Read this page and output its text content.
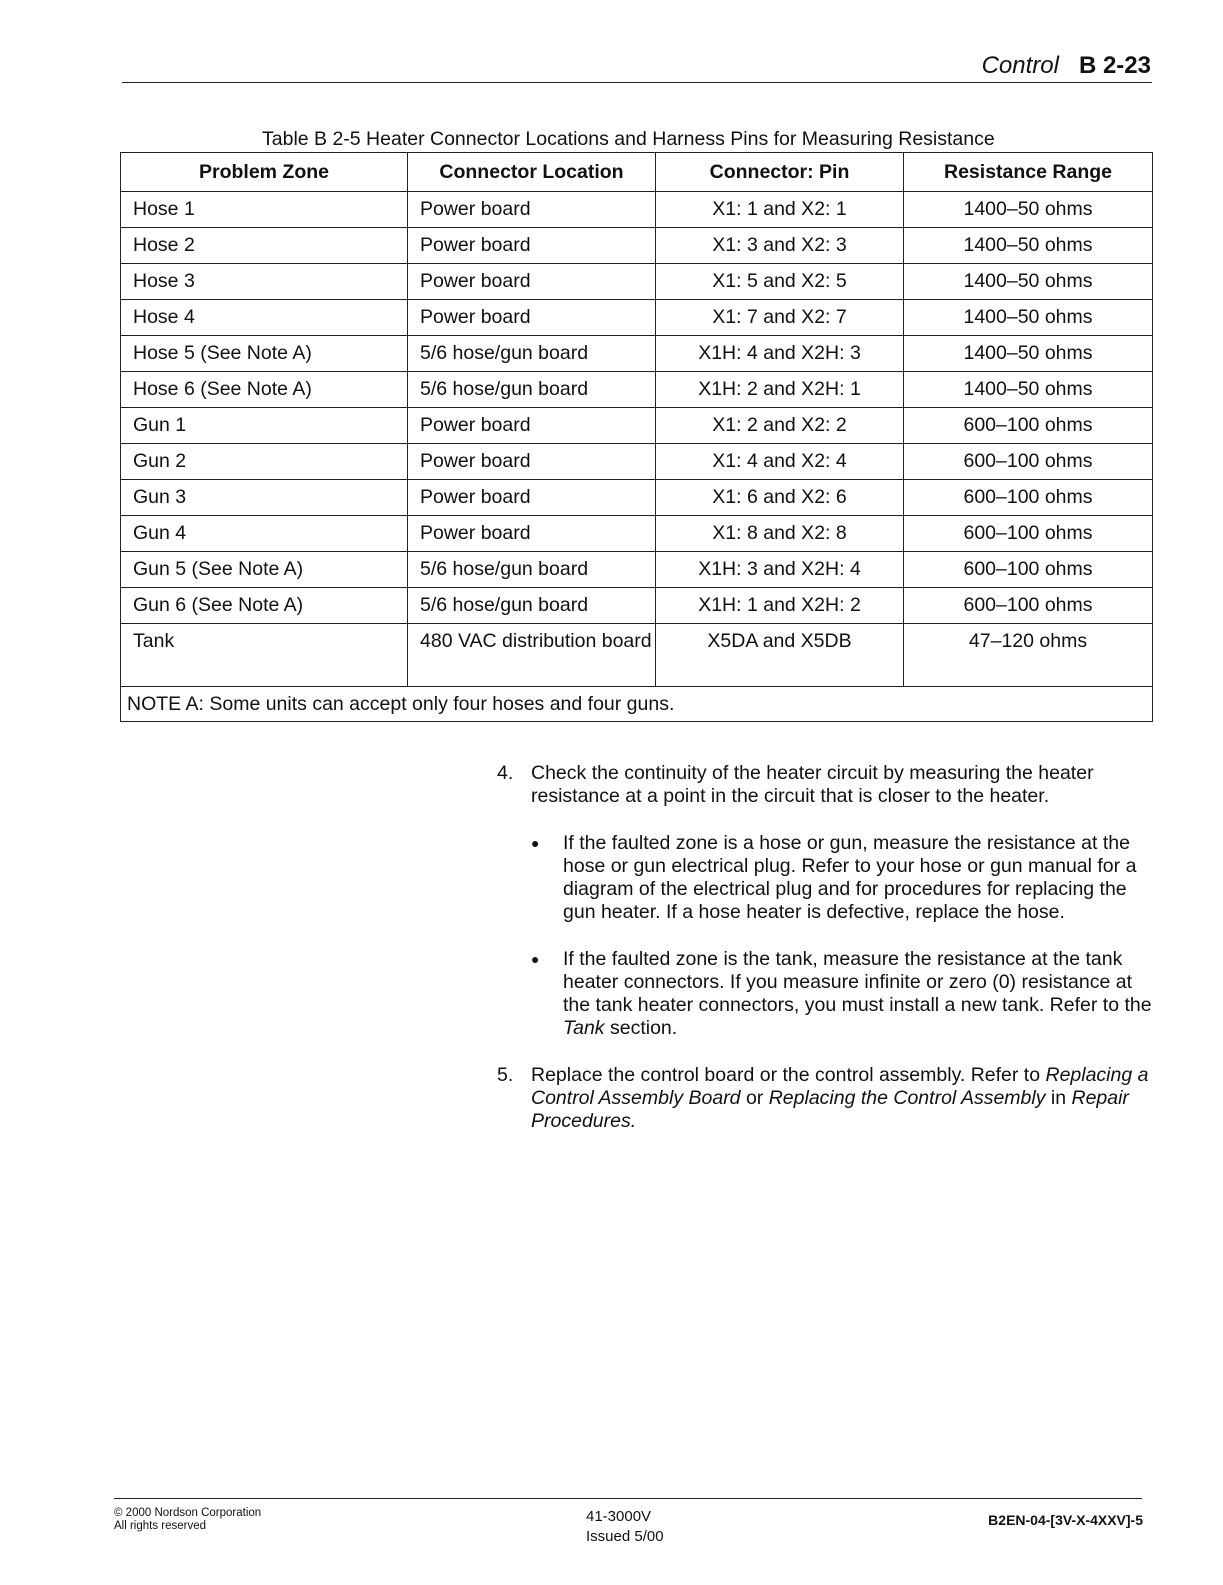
Control B 2-23
Table B 2-5 Heater Connector Locations and Harness Pins for Measuring Resistance
Problem Zone	Connector Location	Connector: Pin	Resistance Range
Hose 1	Power board	X1: 1 and X2: 1	1400–50 ohms
Hose 2	Power board	X1: 3 and X2: 3	1400–50 ohms
Hose 3	Power board	X1: 5 and X2: 5	1400–50 ohms
Hose 4	Power board	X1: 7 and X2: 7	1400–50 ohms
Hose 5 (See Note A)	5/6 hose/gun board	X1H: 4 and X2H: 3	1400–50 ohms
Hose 6 (See Note A)	5/6 hose/gun board	X1H: 2 and X2H: 1	1400–50 ohms
Gun 1	Power board	X1: 2 and X2: 2	600–100 ohms
Gun 2	Power board	X1: 4 and X2: 4	600–100 ohms
Gun 3	Power board	X1: 6 and X2: 6	600–100 ohms
Gun 4	Power board	X1: 8 and X2: 8	600–100 ohms
Gun 5 (See Note A)	5/6 hose/gun board	X1H: 3 and X2H: 4	600–100 ohms
Gun 6 (See Note A)	5/6 hose/gun board	X1H: 1 and X2H: 2	600–100 ohms
Tank	480 VAC distribution board	X5DA and X5DB	47–120 ohms
NOTE A: Some units can accept only four hoses and four guns.			
4. Check the continuity of the heater circuit by measuring the heater resistance at a point in the circuit that is closer to the heater.
●	If the faulted zone is a hose or gun, measure the resistance at the hose or gun electrical plug. Refer to your hose or gun manual for a diagram of the electrical plug and for procedures for replacing the gun heater. If a hose heater is defective, replace the hose.
●	If the faulted zone is the tank, measure the resistance at the tank heater connectors. If you measure infinite or zero (0) resistance at the tank heater connectors, you must install a new tank. Refer to the Tank section.
5. Replace the control board or the control assembly. Refer to Replacing a Control Assembly Board or Replacing the Control Assembly in Repair Procedures.
© 2000 Nordson Corporation
All rights reserved
41-3000V
Issued 5/00
B2EN-04-[3V-X-4XXV]-5
